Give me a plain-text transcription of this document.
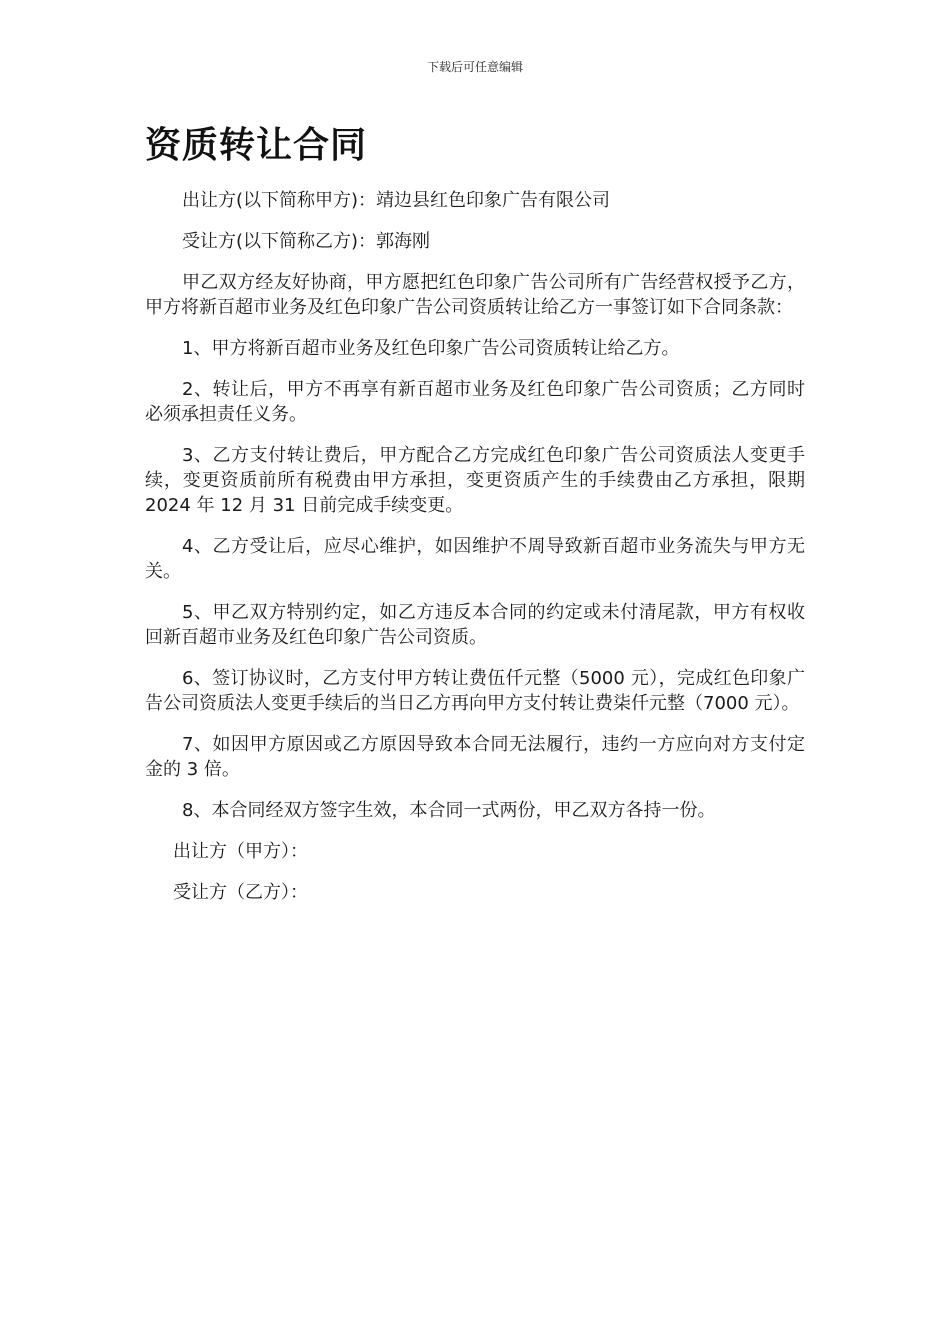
下载后可任意编辑
资质转让合同

出让方(以下简称甲方)：靖边县红色印象广告有限公司

受让方(以下简称乙方)：郭海刚

甲乙双方经友好协商，甲方愿把红色印象广告公司所有广告经营权授予乙方，甲方将新百超市业务及红色印象广告公司资质转让给乙方一事签订如下合同条款：

1、甲方将新百超市业务及红色印象广告公司资质转让给乙方。

2、转让后，甲方不再享有新百超市业务及红色印象广告公司资质；乙方同时必须承担责任义务。

3、乙方支付转让费后，甲方配合乙方完成红色印象广告公司资质法人变更手续，变更资质前所有税费由甲方承担，变更资质产生的手续费由乙方承担，限期 2024 年 12 月 31 日前完成手续变更。

4、乙方受让后，应尽心维护，如因维护不周导致新百超市业务流失与甲方无关。

5、甲乙双方特别约定，如乙方违反本合同的约定或未付清尾款，甲方有权收回新百超市业务及红色印象广告公司资质。

6、签订协议时，乙方支付甲方转让费伍仟元整（5000 元），完成红色印象广告公司资质法人变更手续后的当日乙方再向甲方支付转让费柒仟元整（7000 元）。

7、如因甲方原因或乙方原因导致本合同无法履行，违约一方应向对方支付定金的 3 倍。

8、本合同经双方签字生效，本合同一式两份，甲乙双方各持一份。

出让方（甲方）：

受让方（乙方）：
